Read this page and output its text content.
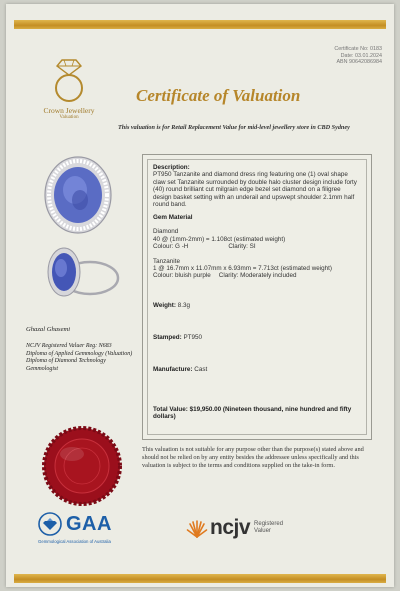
Certificate No: 0183
Date: 03.01.2024
ABN 90642086984
Crown Jewellery
Valuation
Certificate of Valuation
This valuation is for Retail Replacement Value for mid-level jewellery store in CBD Sydney
Ghazal Ghasemi
NCJV Registered Valuer Reg: N683
Diploma of Applied Gemmology (Valuation)
Diploma of Diamond Technology
Gemmologist
Description:
PT950 Tanzanite and diamond dress ring featuring one (1) oval shape claw set Tanzanite surrounded by double halo cluster design include forty (40) round brilliant cut milgrain edge bezel set diamond on a filigree design basket setting with an underail and upswept shoulder 2.1mm half round band.
Gem Material
Diamond
40 @ (1mm-2mm) = 1.108ct (estimated weight)
Colour: G -H	Clarity: SI
Tanzanite
1 @ 16.7mm x 11.07mm x 6.93mm = 7.713ct (estimated weight)
Colour: bluish purple Clarity: Moderately included
Weight: 8.3g
Stamped: PT950
Manufacture: Cast
Total Value: $19,950.00 (Nineteen thousand, nine hundred and fifty dollars)
This valuation is not suitable for any purpose other than the purpose(s) stated above and should not be relied on by any entity besides the addressee unless specifically and this valuation is subject to the terms and conditions supplied on the take-in form.
GAA
Gemmological Association of Australia
ncjv Registered
Valuer
